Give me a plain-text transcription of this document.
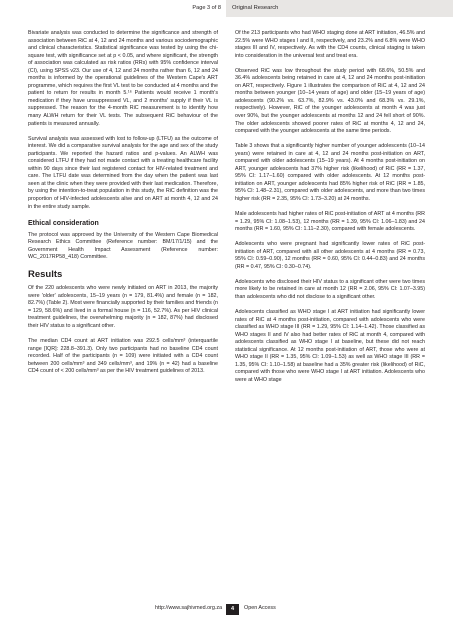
Page 3 of 8 Original Research

Bivariate analysis was conducted to determine the significance and strength of association between RiC at 4, 12 and 24 months and various sociodemographic and clinical characteristics. Statistical significance was tested by using the chi-square test, with significance set at p < 0.05, and where significant, the strength of association was calculated as risk ratios (RRs) with 95% confidence interval (CI), using SPSS v23. Our use of 4, 12 and 24 months rather than 6, 12 and 24 months is informed by the operational guidelines of the Western Cape's ART programme, which requires the first VL test to be conducted at 4 months and the patient to return for results in month 5.¹⁶ Patients would receive 1 month's medication if they have unsuppressed VL, and 2 months' supply if their VL is suppressed. The reason for the 4-month RiC measurement is to identify how many ALWH return for their VL tests. The subsequent RiC behaviour of the patients is measured annually.

Survival analysis was assessed with lost to follow-up (LTFU) as the outcome of interest. We did a comparative survival analysis for the age and sex of the study participants. We reported the hazard ratios and p-values. An ALWH was considered LTFU if they had not made contact with a treating healthcare facility within 90 days since their last registered contact for HIV-related treatment and care. The LTFU date was determined from the day when the patient was last seen at the clinic when they were provided with their last medication. Therefore, by using the intention-to-treat population in this study, the RiC definition was the proportion of HIV-infected adolescents alive and on ART at month 4, 12 and 24 in the entire study sample.

Ethical consideration

The protocol was approved by the University of the Western Cape Biomedical Research Ethics Committee (Reference number: BM/17/1/15) and the Government Health Impact Assessment (Reference number: WC_2017RP58_418) Committee.

Results

Of the 220 adolescents who were newly initiated on ART in 2013, the majority were 'older' adolescents, 15–19 years (n = 179, 81.4%) and female (n = 182, 82.7%) (Table 2). Most were financially supported by their families and friends (n = 129, 58.6%) and lived in a formal house (n = 116, 52.7%). As per HIV clinical treatment guidelines, the overwhelming majority (n = 182, 87%) had disclosed their HIV status to a significant other.

The median CD4 count at ART initiation was 292.5 cells/mm³ (interquartile range [IQR]: 228.8–391.3). Only two participants had no baseline CD4 count recorded. Half of the participants (n = 109) were initiated with a CD4 count between 200 cells/mm³ and 349 cells/mm³, and 19% (n = 42) had a baseline CD4 count of < 200 cells/mm³ as per the HIV treatment guidelines of 2013.

Of the 213 participants who had WHO staging done at ART initiation, 46.5% and 22.5% were WHO stages I and II, respectively, and 23.2% and 6.8% were WHO stages III and IV, respectively. As with the CD4 counts, clinical staging is taken into consideration in the universal test and treat era.

Observed RiC was low throughout the study period with 68.6%, 50.5% and 36.4% adolescents being retained in care at 4, 12 and 24 months post-initiation on ART, respectively. Figure 1 illustrates the comparison of RiC at 4, 12 and 24 months between younger (10–14 years of age) and older (15–19 years of age) adolescents (90.2% vs. 63.7%, 82.9% vs. 43.0% and 68.3% vs. 29.1%, respectively). However, RiC of the younger adolescents at month 4 was just over 90%, but the younger adolescents at months 12 and 24 fell short of 90%. The older adolescents showed poorer rates of RiC at months 4, 12 and 24, compared with the younger adolescents at the same time periods.

Table 3 shows that a significantly higher number of younger adolescents (10–14 years) were retained in care at 4, 12 and 24 months post-initiation on ART, compared with older adolescents (15–19 years). At 4 months post-initiation on ART, younger adolescents had 37% higher risk (likelihood) of RiC (RR = 1.37, 95% CI: 1.17–1.60) compared with older adolescents. At 12 months post-initiation on ART, younger adolescents had 85% higher risk of RiC (RR = 1.85, 95% CI: 1.48–2.31), compared with older adolescents, and more than two times higher risk (RR = 2.35, 95% CI: 1.73–3.20) at 24 months.

Male adolescents had higher rates of RiC post-initiation of ART at 4 months (RR = 1.29, 95% CI: 1.08–1.53), 12 months (RR = 1.39, 95% CI: 1.06–1.83) and 24 months (RR = 1.60, 95% CI: 1.11–2.30), compared with female adolescents.

Adolescents who were pregnant had significantly lower rates of RiC post-initiation of ART, compared with all other adolescents at 4 months (RR = 0.73, 95% CI: 0.59–0.90), 12 months (RR = 0.60, 95% CI: 0.44–0.83) and 24 months (RR = 0.47, 95% CI: 0.30–0.74).

Adolescents who disclosed their HIV status to a significant other were two times more likely to be retained in care at month 12 (RR = 2.06, 95% CI: 1.07–3.95) than adolescents who did not disclose to a significant other.

Adolescents classified as WHO stage I at ART initiation had significantly lower rates of RiC at 4 months post-initiation, compared with adolescents who were classified as WHO stage III (RR = 1.29, 95% CI: 1.14–1.42). Those classified as WHO stages II and IV also had better rates of RiC at month 4, compared with adolescents classified as WHO stage I at baseline, but these did not reach statistical significance. At 12 months post-initiation of ART, those who were at WHO stage II (RR = 1.35, 95% CI: 1.09–1.53) as well as WHO stage III (RR = 1.35, 95% CI: 1.10–1.58) at baseline had a 35% greater risk (likelihood) of RiC, compared with those who were WHO stage I at ART initiation. Adolescents who were at WHO stage

http://www.sajhivmed.org.za	4	Open Access
